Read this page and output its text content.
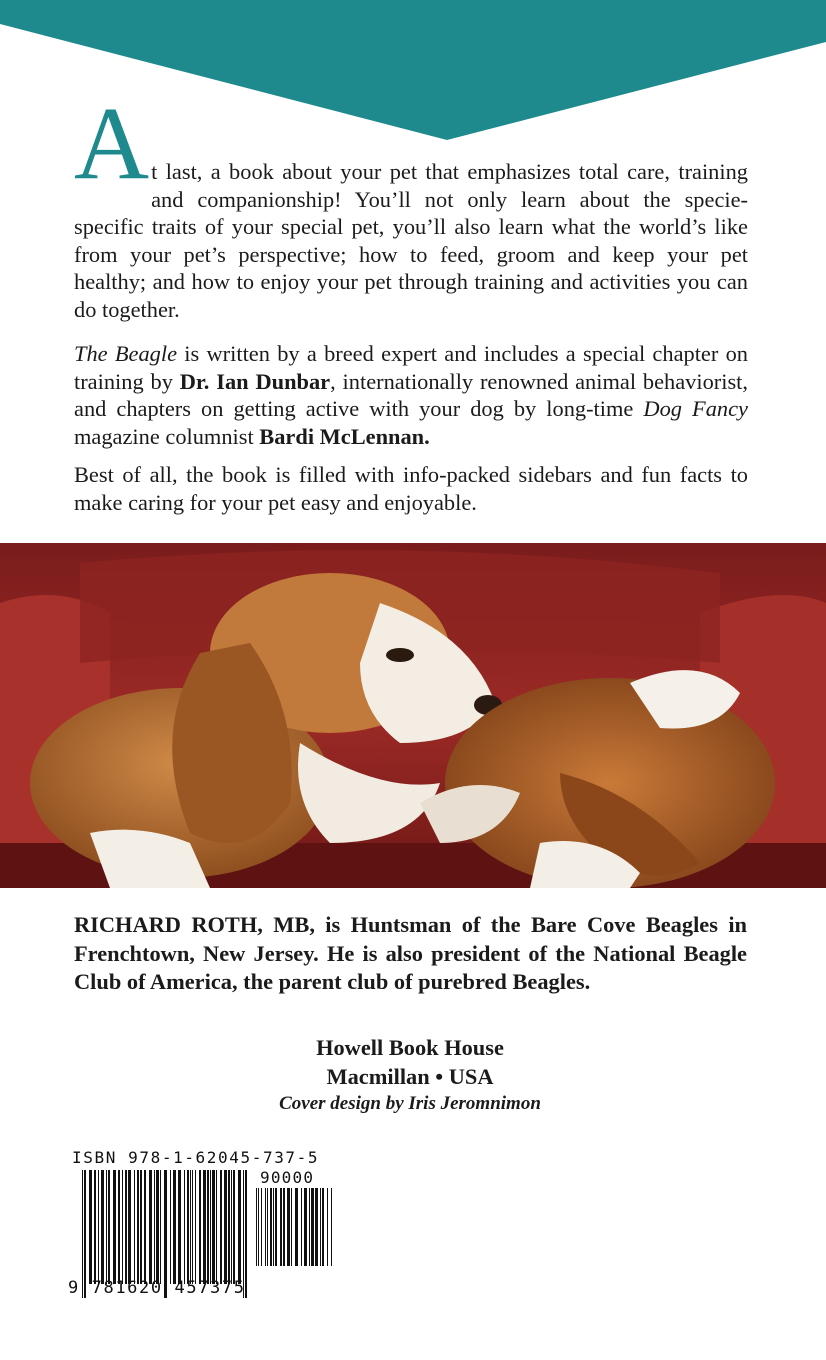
At last, a book about your pet that emphasizes total care, training and companionship! You’ll not only learn about the specie-specific traits of your special pet, you’ll also learn what the world’s like from your pet’s perspective; how to feed, groom and keep your pet healthy; and how to enjoy your pet through training and activities you can do together.

The Beagle is written by a breed expert and includes a special chapter on training by Dr. Ian Dunbar, internationally renowned animal behaviorist, and chapters on getting active with your dog by long-time Dog Fancy magazine columnist Bardi McLennan.

Best of all, the book is filled with info-packed sidebars and fun facts to make caring for your pet easy and enjoyable.

RICHARD ROTH, MB, is Huntsman of the Bare Cove Beagles in Frenchtown, New Jersey. He is also president of the National Beagle Club of America, the parent club of purebred Beagles.

Howell Book House
Macmillan • USA
Cover design by Iris Jeromnimon
ISBN 978-1-62045-737-5
90000
9 781620 457375
